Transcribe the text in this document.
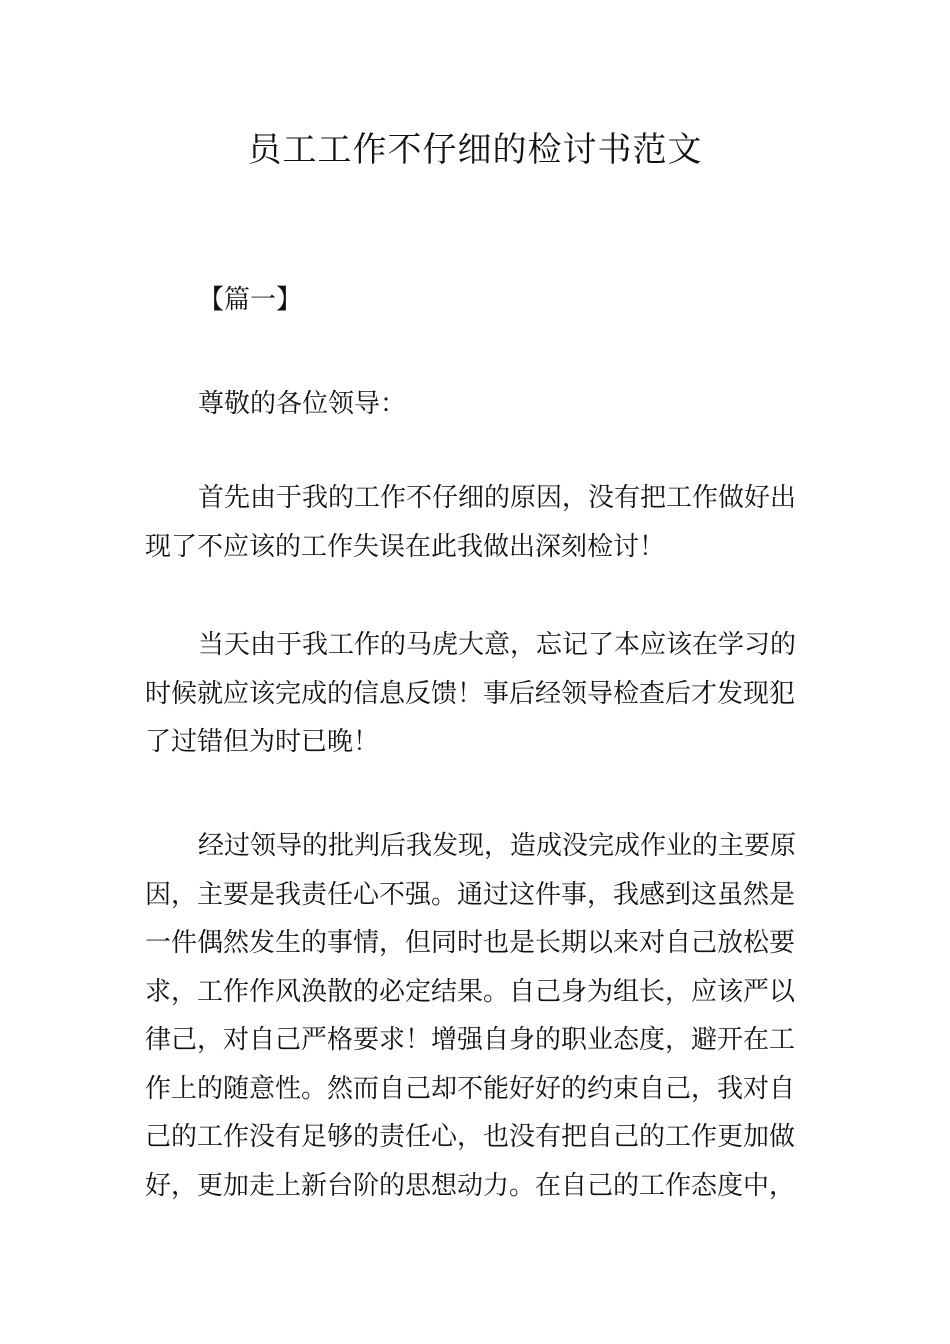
员工工作不仔细的检讨书范文
【篇一】
尊敬的各位领导：
首先由于我的工作不仔细的原因，没有把工作做好出
现了不应该的工作失误在此我做出深刻检讨！
当天由于我工作的马虎大意，忘记了本应该在学习的
时候就应该完成的信息反馈！事后经领导检查后才发现犯
了过错但为时已晚！
经过领导的批判后我发现，造成没完成作业的主要原
因，主要是我责任心不强。通过这件事，我感到这虽然是
一件偶然发生的事情，但同时也是长期以来对自己放松要
求，工作作风涣散的必定结果。自己身为组长，应该严以
律己，对自己严格要求！增强自身的职业态度，避开在工
作上的随意性。然而自己却不能好好的约束自己，我对自
己的工作没有足够的责任心，也没有把自己的工作更加做
好，更加走上新台阶的思想动力。在自己的工作态度中，
